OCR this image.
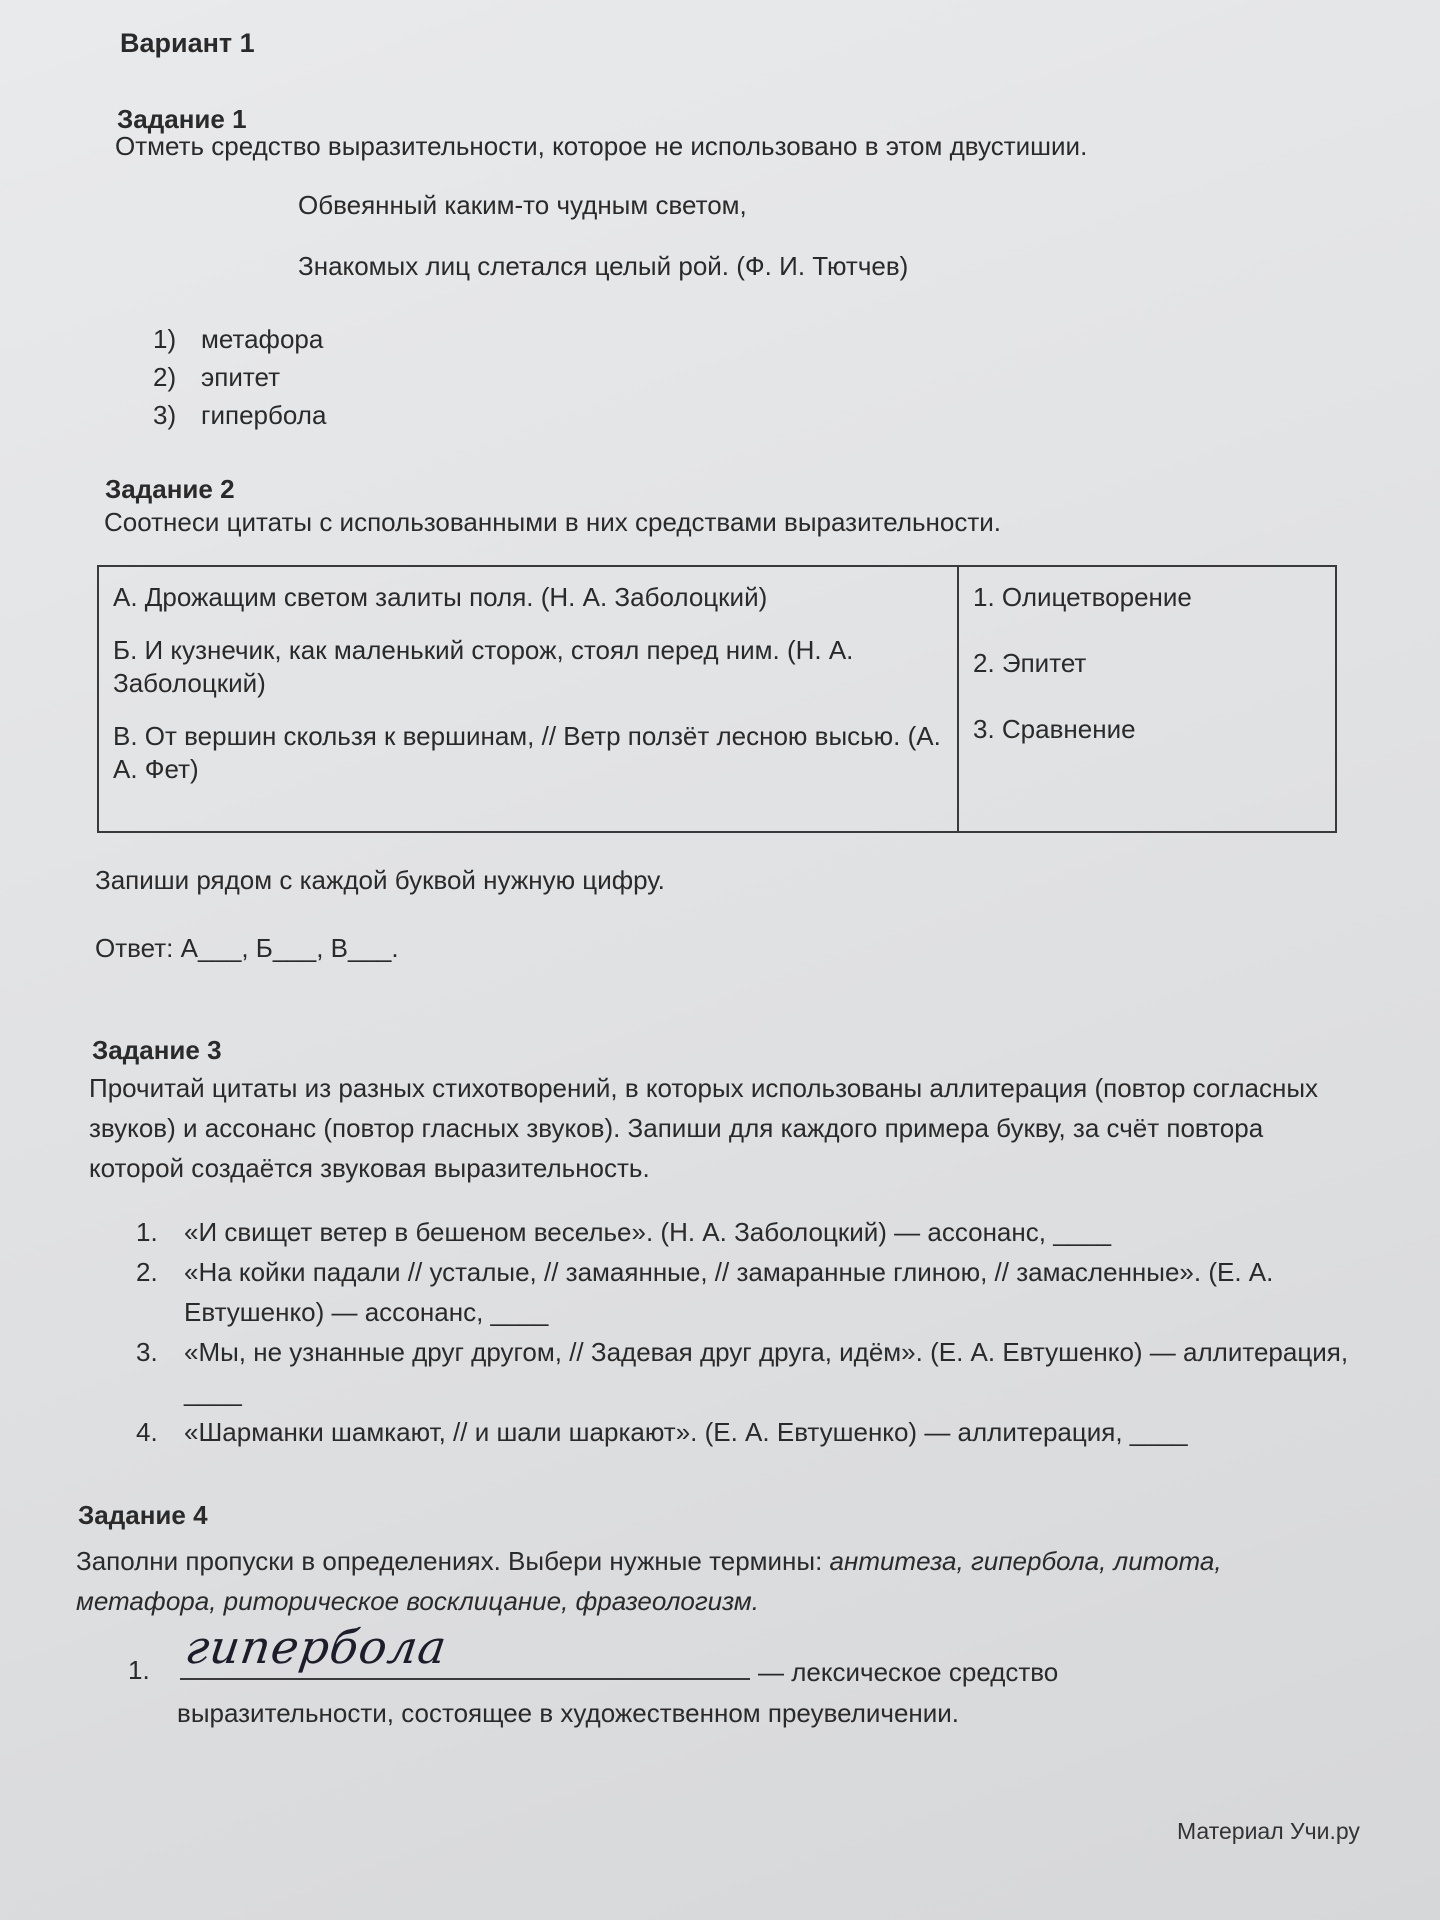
Вариант 1
Задание 1
Отметь средство выразительности, которое не использовано в этом двустишии.
Обвеянный каким-то чудным светом,
Знакомых лиц слетался целый рой. (Ф. И. Тютчев)
1) метафора
2) эпитет
3) гипербола
Задание 2
Соотнеси цитаты с использованными в них средствами выразительности.
А. Дрожащим светом залиты поля. (Н. А. Заболоцкий)
Б. И кузнечик, как маленький сторож, стоял перед ним. (Н. А. Заболоцкий)
В. От вершин скользя к вершинам, // Ветр ползёт лесною высью. (А. А. Фет)

1. Олицетворение
2. Эпитет
3. Сравнение
Запиши рядом с каждой буквой нужную цифру.
Ответ: А___, Б___, В___.
Задание 3
Прочитай цитаты из разных стихотворений, в которых использованы аллитерация (повтор согласных звуков) и ассонанс (повтор гласных звуков). Запиши для каждого примера букву, за счёт повтора которой создаётся звуковая выразительность.
1. «И свищет ветер в бешеном веселье». (Н. А. Заболоцкий) — ассонанс, ____
2. «На койки падали // усталые, // замаянные, // замаранные глиною, // замасленные». (Е. А. Евтушенко) — ассонанс, ____
3. «Мы, не узнанные друг другом, // Задевая друг друга, идём». (Е. А. Евтушенко) — аллитерация, ____
4. «Шарманки шамкают, // и шали шаркают». (Е. А. Евтушенко) — аллитерация, ____
Задание 4
Заполни пропуски в определениях. Выбери нужные термины: антитеза, гипербола, литота, метафора, риторическое восклицание, фразеологизм.
1. гипербола	— лексическое средство
выразительности, состоящее в художественном преувеличении.
Материал Учи.ру
